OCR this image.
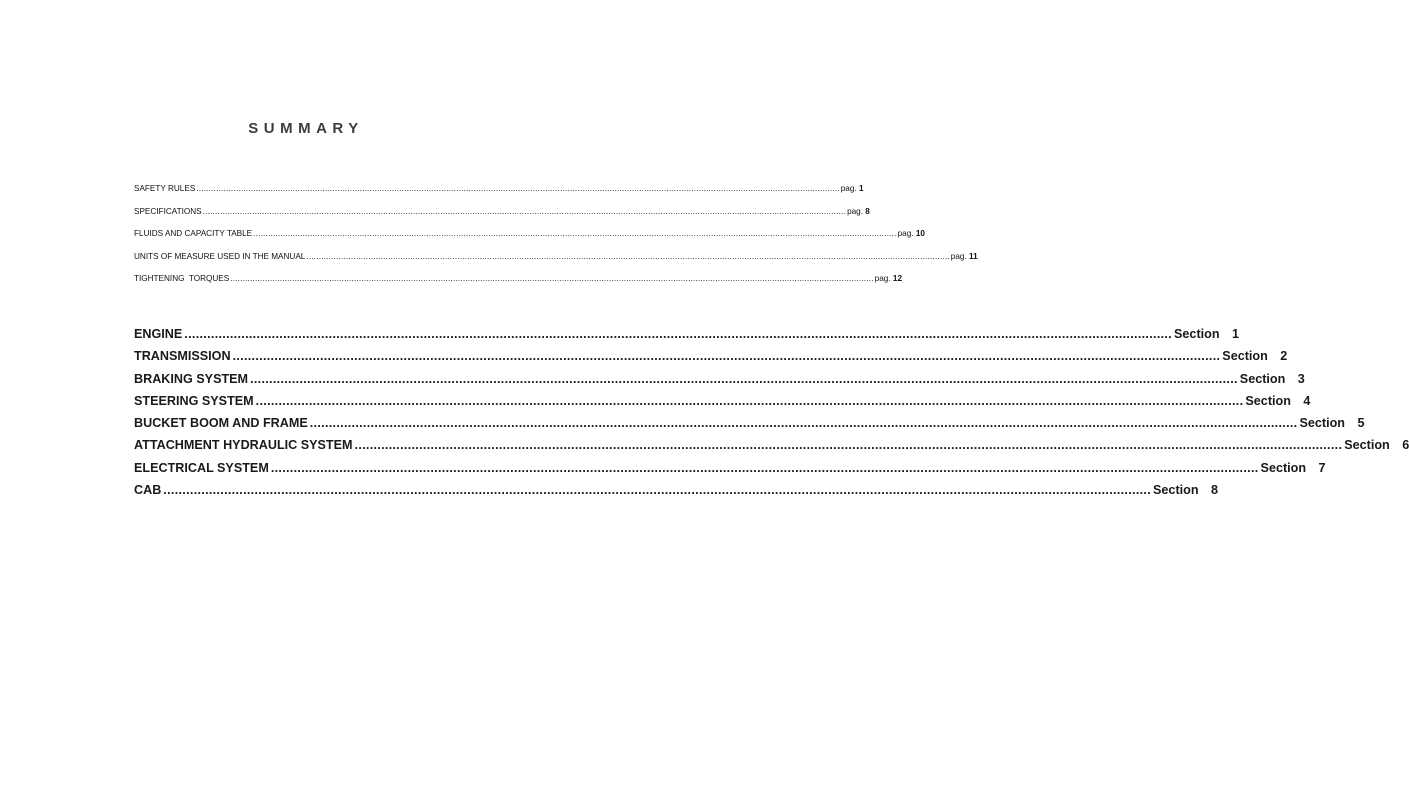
SUMMARY
SAFETY RULES .................................................................................................................................................................................................................................................................... pag. 1
SPECIFICATIONS .................................................................................................................................................................................................................................................................... pag. 8
FLUIDS AND CAPACITY TABLE .................................................................................................................................................................................................................................................................... pag. 10
UNITS OF MEASURE USED IN THE MANUAL .................................................................................................................................................................................................................................................................... pag. 11
TIGHTENING  TORQUES .................................................................................................................................................................................................................................................................... pag. 12
ENGINE .................................................................................................................................................................................................................................................................... Section 1
TRANSMISSION .................................................................................................................................................................................................................................................................... Section 2
BRAKING SYSTEM .................................................................................................................................................................................................................................................................... Section 3
STEERING SYSTEM .................................................................................................................................................................................................................................................................... Section 4
BUCKET BOOM AND FRAME .................................................................................................................................................................................................................................................................... Section 5
ATTACHMENT HYDRAULIC SYSTEM .................................................................................................................................................................................................................................................................... Section 6
ELECTRICAL SYSTEM .................................................................................................................................................................................................................................................................... Section 7
CAB .................................................................................................................................................................................................................................................................... Section 8
